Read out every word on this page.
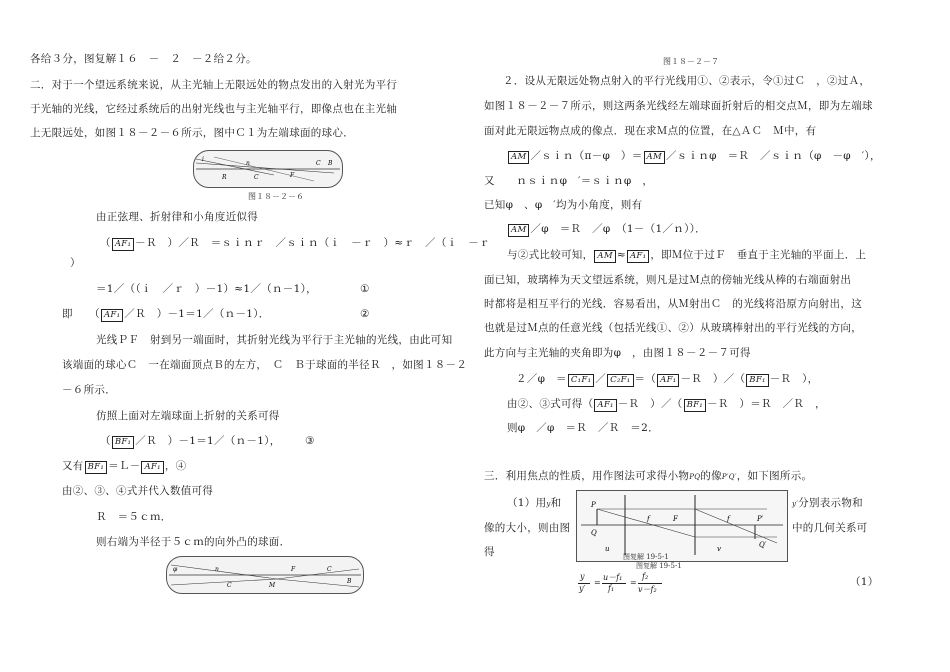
各给３分，图复解１６　－　２　－２给２分。
二．对于一个望远系统来说，从主光轴上无限远处的物点发出的入射光为平行
于光轴的光线，它经过系统后的出射光线也与主光轴平行，即像点也在主光轴
上无限远处，如图１８－２－６所示，图中Ｃ１为左端球面的球心．
i
n
R	C	F
C B
图１８－２－６
由正弦理、折射律和小角度近似得
（ AF₁ －Ｒ　）／Ｒ　＝ｓｉｎｒ　／ｓｉｎ（ｉ　－ｒ　）≈ｒ　／（ｉ　－ｒ
）
＝1／（（ｉ　／ｒ　）－1）≈1／（ｎ－1），	①
即　　（ AF₁ ／Ｒ　）－1＝1／（ｎ－1）．	②
光线ＰＦ　射到另一端面时，其折射光线为平行于主光轴的光线，由此可知
该端面的球心Ｃ　一在端面顶点Ｂ的左方，　Ｃ　Ｂ于球面的半径Ｒ　，如图１８－２
－６所示．
仿照上面对左端球面上折射的关系可得
（ BF₁ ／Ｒ　）－1＝1／（ｎ－1）， ③
又有 BF₁ ＝Ｌ－ AF₁ ，④
由②、③、④式并代入数值可得
Ｒ　＝５ｃｍ．
则右端为半径于５ｃｍ的向外凸的球面．
φ	n
C	M
F	C
B
图１８－２－７
２．设从无限远处物点射入的平行光线用①、②表示，令①过Ｃ　，②过Ａ，
如图１８－２－７所示，则这两条光线经左端球面折射后的相交点Ｍ，即为左端球
面对此无限远物点成的像点．现在求Ｍ点的位置，在△ＡＣ　Ｍ中，有
AM ／ｓｉｎ（π－φ　）＝ AM ／ｓｉｎφ　＝Ｒ　／ｓｉｎ（φ　－φ　′），
又　　ｎｓｉｎφ　′＝ｓｉｎφ　，
已知φ　、φ　′均为小角度，则有
AM ／φ　＝Ｒ　／φ　（1－（1／ｎ））．
与②式比较可知， AM ≈ AF₁ ，即Ｍ位于过Ｆ　垂直于主光轴的平面上．上
面已知，玻璃棒为天文望远系统，则凡是过Ｍ点的傍轴光线从棒的右端面射出
时都将是相互平行的光线．容易看出，从Ｍ射出Ｃ　的光线将沿原方向射出，这
也就是过Ｍ点的任意光线（包括光线①、②）从玻璃棒射出的平行光线的方向，
此方向与主光轴的夹角即为φ　，由图１８－２－７可得
２／φ　＝ C₁F₁ ／ C₂F₁ ＝（ AF₁ －Ｒ　）／（ BF₁ －Ｒ　），
由②、③式可得（ AF₁ －Ｒ　）／（ BF₁ －Ｒ　）＝Ｒ　／Ｒ　，
则φ　／φ　＝Ｒ　／Ｒ　＝2．
三．利用焦点的性质，用作图法可求得小物PQ的像P′Q′，如下图所示。
（1）用y和	y′分别表示物和
像的大小，则由图	中的几何关系可
得
P
Q
f	F	f	P′
Q′
u	v
图复解 19-5-1
图复解 19-5-1
y
y′
=
u－f₁
f₁
=
f₂
v－f₂
（1）
